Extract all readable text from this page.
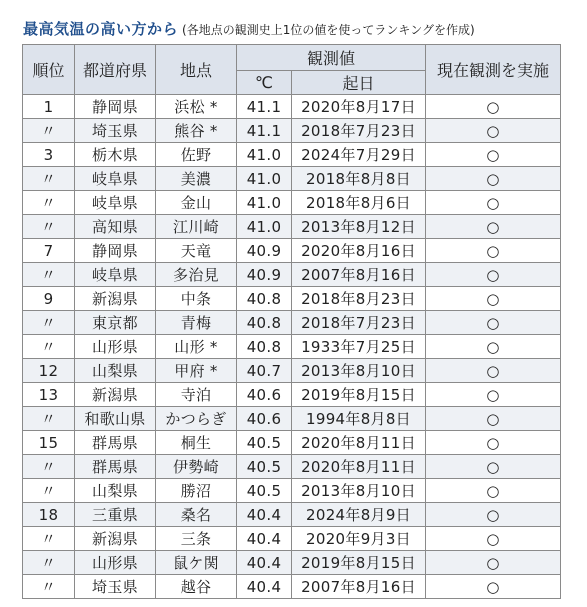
最高気温の高い方から (各地点の観測史上1位の値を使ってランキングを作成)
順位	都道府県	地点	観測値		現在観測を実施
			℃	起日	
1	静岡県	浜松 *	41.1	2020年8月17日	○
〃	埼玉県	熊谷 *	41.1	2018年7月23日	○
3	栃木県	佐野	41.0	2024年7月29日	○
〃	岐阜県	美濃	41.0	2018年8月8日	○
〃	岐阜県	金山	41.0	2018年8月6日	○
〃	高知県	江川崎	41.0	2013年8月12日	○
7	静岡県	天竜	40.9	2020年8月16日	○
〃	岐阜県	多治見	40.9	2007年8月16日	○
9	新潟県	中条	40.8	2018年8月23日	○
〃	東京都	青梅	40.8	2018年7月23日	○
〃	山形県	山形 *	40.8	1933年7月25日	○
12	山梨県	甲府 *	40.7	2013年8月10日	○
13	新潟県	寺泊	40.6	2019年8月15日	○
〃	和歌山県	かつらぎ	40.6	1994年8月8日	○
15	群馬県	桐生	40.5	2020年8月11日	○
〃	群馬県	伊勢崎	40.5	2020年8月11日	○
〃	山梨県	勝沼	40.5	2013年8月10日	○
18	三重県	桑名	40.4	2024年8月9日	○
〃	新潟県	三条	40.4	2020年9月3日	○
〃	山形県	鼠ケ関	40.4	2019年8月15日	○
〃	埼玉県	越谷	40.4	2007年8月16日	○
